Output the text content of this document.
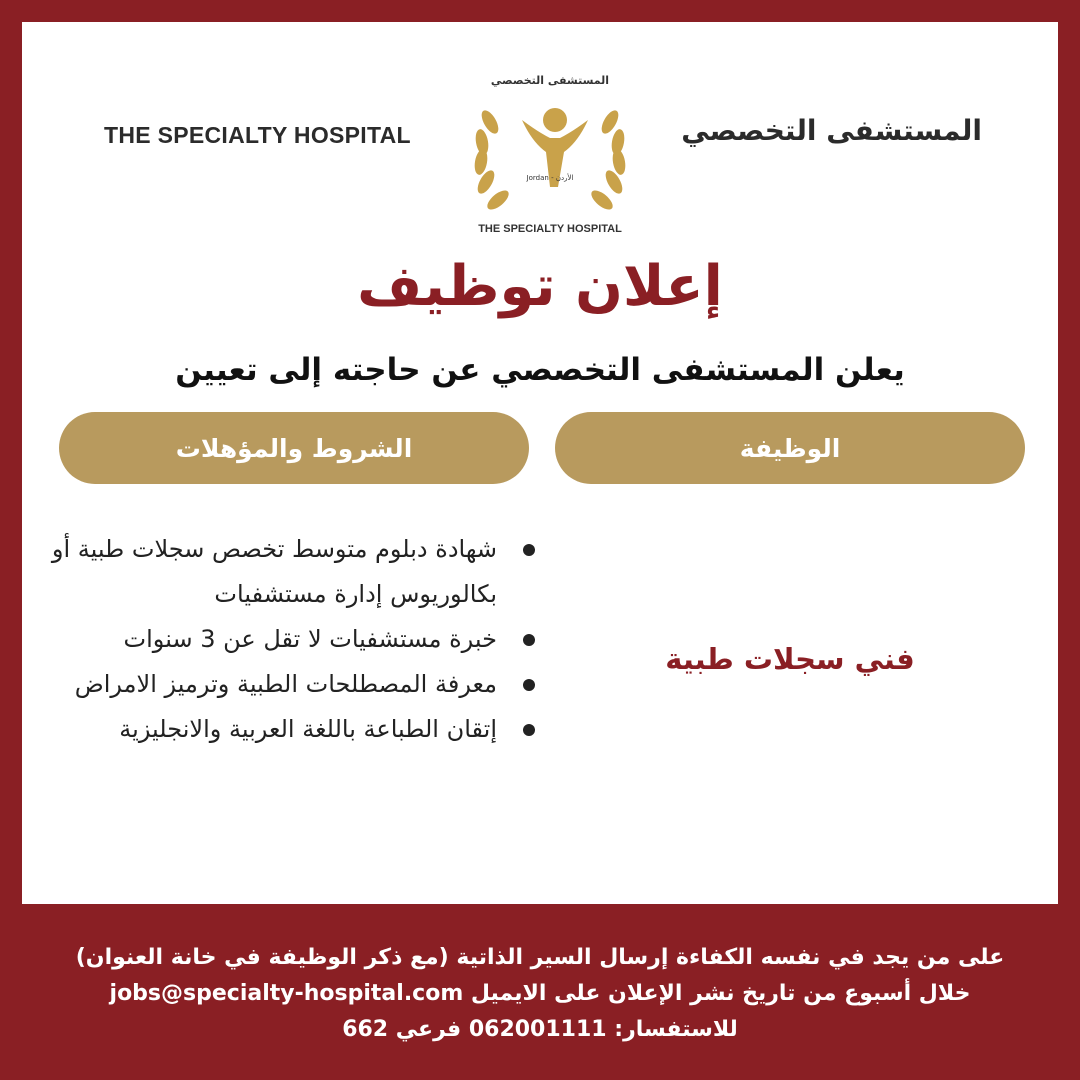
THE SPECIALTY HOSPITAL
المستشفى التخصصي
Jordan - الأردن
THE SPECIALTY HOSPITAL
المستشفى التخصصي
إعلان توظيف
يعلن المستشفى التخصصي عن حاجته إلى تعيين
الوظيفة
الشروط والمؤهلات
فني سجلات طبية
شهادة دبلوم متوسط تخصص سجلات طبية أو بكالوريوس إدارة مستشفيات
خبرة مستشفيات لا تقل عن 3 سنوات
معرفة المصطلحات الطبية وترميز الامراض
إتقان الطباعة باللغة العربية والانجليزية
على من يجد في نفسه الكفاءة إرسال السير الذاتية (مع ذكر الوظيفة في خانة العنوان)
خلال أسبوع من تاريخ نشر الإعلان على الايميل jobs@specialty-hospital.com
للاستفسار: 062001111 فرعي 662
